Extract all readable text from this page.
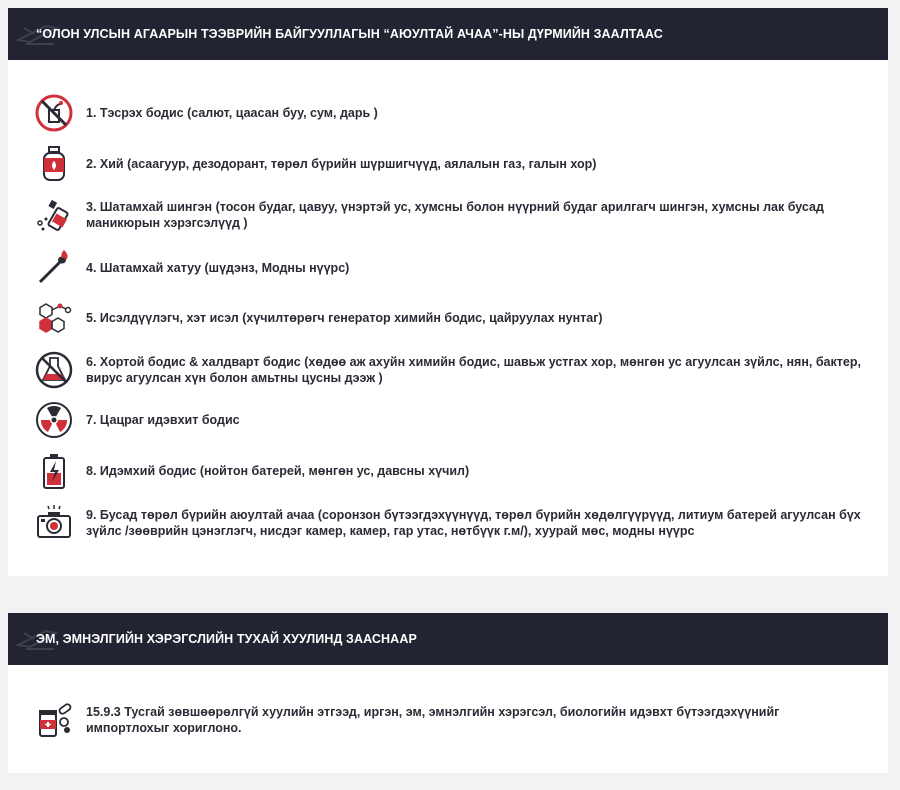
“ОЛОН УЛСЫН АГААРЫН ТЭЭВРИЙН БАЙГУУЛЛАГЫН “АЮУЛТАЙ АЧАА”-НЫ ДҮРМИЙН ЗААЛТААС
1. Тэсрэх бодис (салют, цаасан буу, сум, дарь )
2. Хий (асаагуур, дезодорант, төрөл бүрийн шүршигчүүд, аялалын газ, галын хор)
3. Шатамхай шингэн (тосон будаг, цавуу, үнэртэй ус, хумсны болон нүүрний будаг арилгагч шингэн, хумсны лак бусад маникюрын хэрэгсэлүүд )
4. Шатамхай хатуу (шүдэнз, Модны нүүрс)
5. Исэлдүүлэгч, хэт исэл (хүчилтөрөгч генератор химийн бодис, цайруулах нунтаг)
6. Хортой бодис & халдварт бодис (хөдөө аж ахуйн химийн бодис, шавьж устгах хор, мөнгөн ус агуулсан зүйлс, нян, бактер, вирус агуулсан хүн болон амьтны цусны дээж )
7. Цацраг идэвхит бодис
8. Идэмхий бодис (нойтон батерей, мөнгөн ус, давсны хүчил)
9. Бусад төрөл бүрийн аюултай ачаа (соронзон бүтээгдэхүүнүүд, төрөл бүрийн хөдөлгүүрүүд, литиум батерей агуулсан бүх зүйлс /зөөврийн цэнэглэгч, нисдэг камер, камер, гар утас, нөтбүүк г.м/), хуурай мөс, модны нүүрс
ЭМ, ЭМНЭЛГИЙН ХЭРЭГСЛИЙН ТУХАЙ ХУУЛИНД ЗААСНААР
15.9.3 Тусгай зөвшөөрөлгүй хуулийн этгээд, иргэн, эм, эмнэлгийн хэрэгсэл, биологийн идэвхт бүтээгдэхүүнийг импортлохыг хориглоно.
